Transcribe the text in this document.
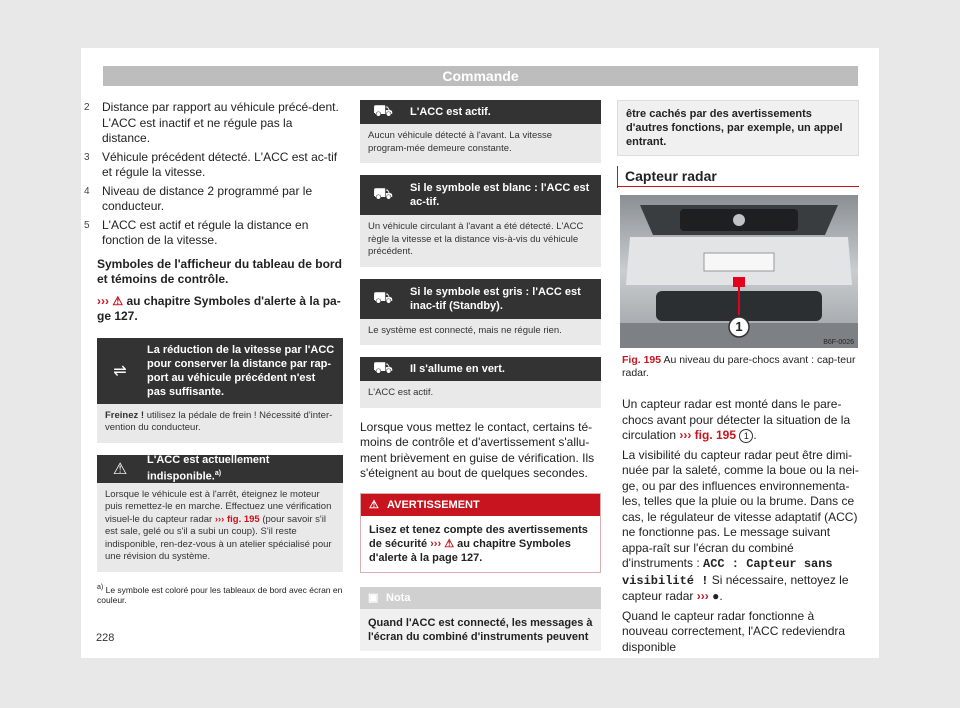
Commande
2	Distance par rapport au véhicule précé-dent. L'ACC est inactif et ne régule pas la distance.
3	Véhicule précédent détecté. L'ACC est ac-tif et régule la vitesse.
4	Niveau de distance 2 programmé par le conducteur.
5	L'ACC est actif et régule la distance en fonction de la vitesse.
Symboles de l'afficheur du tableau de bord et témoins de contrôle.
››› ⚠ au chapitre Symboles d'alerte à la pa-ge 127.
⇌
La réduction de la vitesse par l'ACC pour conserver la distance par rap-port au véhicule précédent n'est pas suffisante.
Freinez ! utilisez la pédale de frein ! Nécessité d'inter-vention du conducteur.
⚠
L'ACC est actuellement indisponible.$^{a)}$
Lorsque le véhicule est à l'arrêt, éteignez le moteur puis remettez-le en marche. Effectuez une vérification visuel-le du capteur radar ››› fig. 195 (pour savoir s'il est sale, gelé ou s'il a subi un coup). S'il reste indisponible, ren-dez-vous à un atelier spécialisé pour une révision du système.
$^{a)}$ Le symbole est coloré pour les tableaux de bord avec écran en couleur.
⛟	L'ACC est actif.
Aucun véhicule détecté à l'avant. La vitesse program-mée demeure constante.
⛟	Si le symbole est blanc : l'ACC est ac-tif.
Un véhicule circulant à l'avant a été détecté. L'ACC règle la vitesse et la distance vis-à-vis du véhicule précédent.
⛟	Si le symbole est gris : l'ACC est inac-tif (Standby).
Le système est connecté, mais ne régule rien.
⛟	Il s'allume en vert.
L'ACC est actif.
Lorsque vous mettez le contact, certains té-moins de contrôle et d'avertissement s'allu-ment brièvement en guise de vérification. Ils s'éteignent au bout de quelques secondes.
⚠ AVERTISSEMENT
Lisez et tenez compte des avertissements de sécurité ››› ⚠ au chapitre Symboles d'alerte à la page 127.
▣ Nota
Quand l'ACC est connecté, les messages à l'écran du combiné d'instruments peuvent
être cachés par des avertissements d'autres fonctions, par exemple, un appel entrant.
Capteur radar
1
B6F-0026
Fig. 195 Au niveau du pare-chocs avant : cap-teur radar.
Un capteur radar est monté dans le pare-chocs avant pour détecter la situation de la circulation ››› fig. 195 1 .
La visibilité du capteur radar peut être dimi-nuée par la saleté, comme la boue ou la nei-ge, ou par des influences environnementa-les, telles que la pluie ou la brume. Dans ce cas, le régulateur de vitesse adaptatif (ACC) ne fonctionne pas. Le message suivant appa-raît sur l'écran du combiné d'instruments : ACC : Capteur sans visibilité ! Si nécessaire, nettoyez le capteur radar ››› ●.
Quand le capteur radar fonctionne à nouveau correctement, l'ACC redeviendra disponible
228
